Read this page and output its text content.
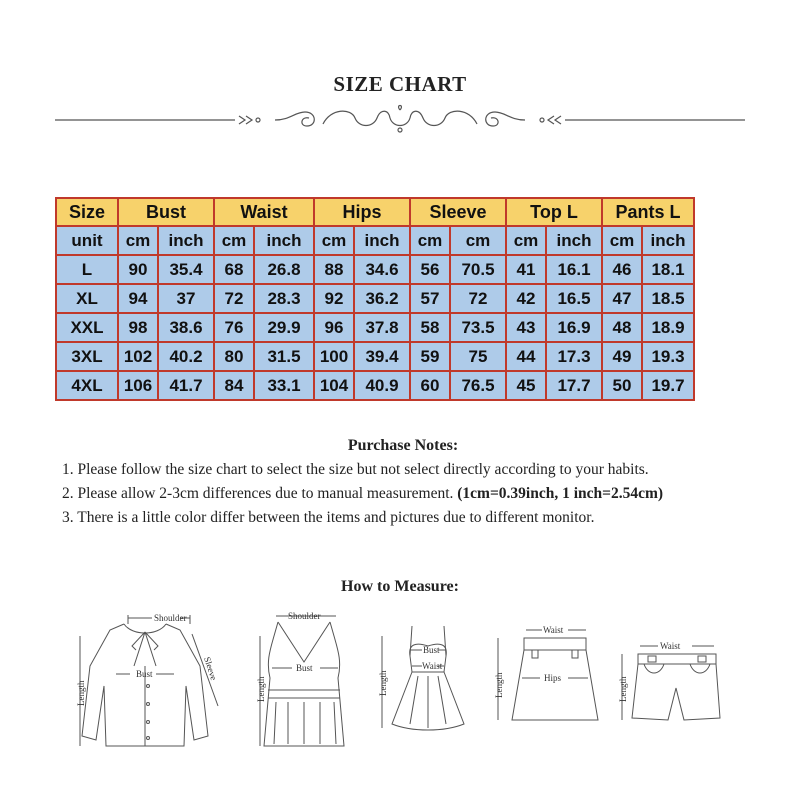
SIZE CHART
Size	Bust		Waist		Hips		Sleeve		Top L		Pants L	
unit	cm	inch	cm	inch	cm	inch	cm	cm	cm	inch	cm	inch
L	90	35.4	68	26.8	88	34.6	56	70.5	41	16.1	46	18.1
XL	94	37	72	28.3	92	36.2	57	72	42	16.5	47	18.5
XXL	98	38.6	76	29.9	96	37.8	58	73.5	43	16.9	48	18.9
3XL	102	40.2	80	31.5	100	39.4	59	75	44	17.3	49	19.3
4XL	106	41.7	84	33.1	104	40.9	60	76.5	45	17.7	50	19.7

Purchase Notes:

1. Please follow the size chart to select the size but not select directly according to your habits.

2. Please allow 2-3cm differences due to manual measurement. (1cm=0.39inch, 1 inch=2.54cm)

3. There is a little color differ between the items and pictures due to different monitor.

How to Measure:
Shoulder
Bust
Length
Sleeve
Shoulder
Bust
Length
Bust
Waist
Length
Waist
Hips
Length
Waist
Length
